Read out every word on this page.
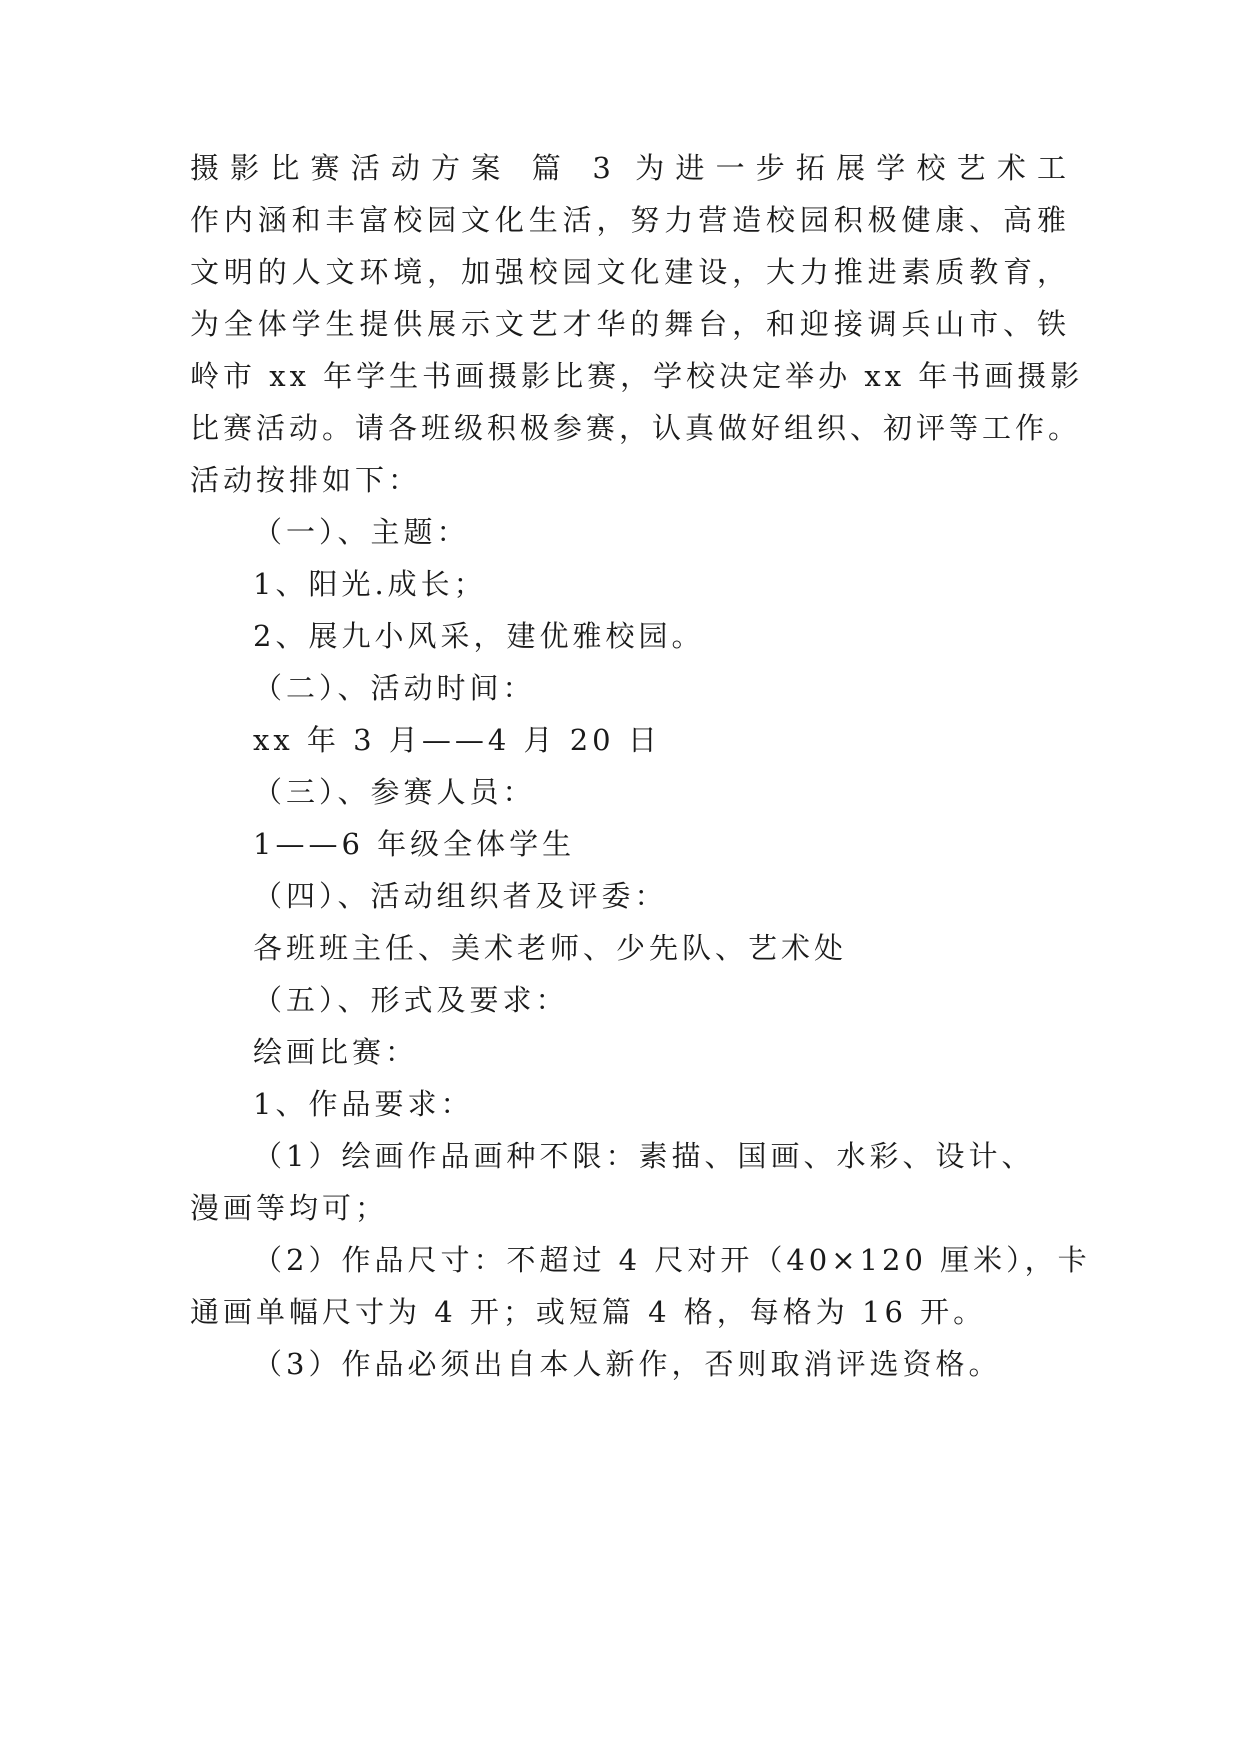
摄影比赛活动方案 篇 3 为进一步拓展学校艺术工
作内涵和丰富校园文化生活，努力营造校园积极健康、高雅
文明的人文环境，加强校园文化建设，大力推进素质教育，
为全体学生提供展示文艺才华的舞台，和迎接调兵山市、铁
岭市 xx 年学生书画摄影比赛，学校决定举办 xx 年书画摄影
比赛活动。请各班级积极参赛，认真做好组织、初评等工作。
活动按排如下：
（一）、主题：
1、阳光.成长；
2、展九小风采，建优雅校园。
（二）、活动时间：
xx 年 3 月——4 月 20 日
（三）、参赛人员：
1——6 年级全体学生
（四）、活动组织者及评委：
各班班主任、美术老师、少先队、艺术处
（五）、形式及要求：
绘画比赛：
1、作品要求：
（1）绘画作品画种不限：素描、国画、水彩、设计、
漫画等均可；
（2）作品尺寸：不超过 4 尺对开（40×120 厘米），卡
通画单幅尺寸为 4 开；或短篇 4 格，每格为 16 开。
（3）作品必须出自本人新作，否则取消评选资格。
